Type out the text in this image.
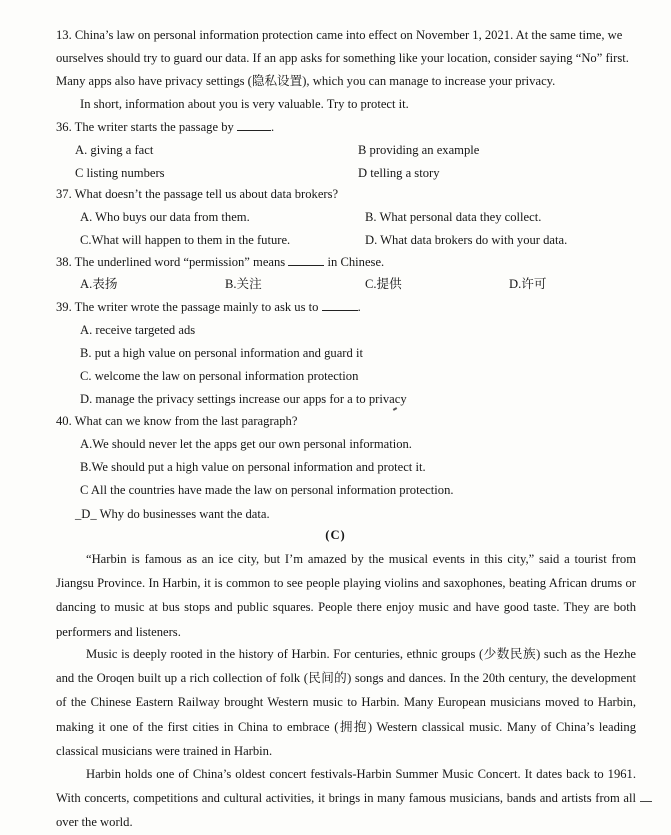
13. China’s law on personal information protection came into effect on November 1, 2021. At the same time, we
ourselves should try to guard our data. If an app asks for something like your location, consider saying “No” first.
Many apps also have privacy settings (隐私设置), which you can manage to increase your privacy.
In short, information about you is very valuable. Try to protect it.
36. The writer starts the passage by	.
A. giving a fact	B providing an example
C listing numbers	D telling a story
37. What doesn’t the passage tell us about data brokers?
A. Who buys our data from them.	B. What personal data they collect.
C.What will happen to them in the future.	D. What data brokers do with your data.
38. The underlined word “permission” means	in Chinese.
A.表扬	B.关注	C.提供	D.许可
39. The writer wrote the passage mainly to ask us to	.
A. receive targeted ads
B. put a high value on personal information and guard it
C. welcome the law on personal information protection
D. manage the privacy settings increase our apps for a to privacy
40. What can we know from the last paragraph?
A.We should never let the apps get our own personal information.
B.We should put a high value on personal information and protect it.
C All the countries have made the law on personal information protection.
_D_ Why do businesses want the data.
(C)
“Harbin is famous as an ice city, but I’m amazed by the musical events in this city,” said a tourist from Jiangsu Province. In Harbin, it is common to see people playing violins and saxophones, beating African drums or dancing to music at bus stops and public squares. People there enjoy music and have good taste. They are both performers and listeners.
Music is deeply rooted in the history of Harbin. For centuries, ethnic groups (少数民族) such as the Hezhe and the Oroqen built up a rich collection of folk (民间的) songs and dances. In the 20th century, the development of the Chinese Eastern Railway brought Western music to Harbin. Many European musicians moved to Harbin, making it one of the first cities in China to embrace (拥抱) Western classical music. Many of China’s leading classical musicians were trained in Harbin.
Harbin holds one of China’s oldest concert festivals-Harbin Summer Music Concert. It dates back to 1961. With concerts, competitions and cultural activities, it brings in many famous musicians, bands and artists from all over the world.
